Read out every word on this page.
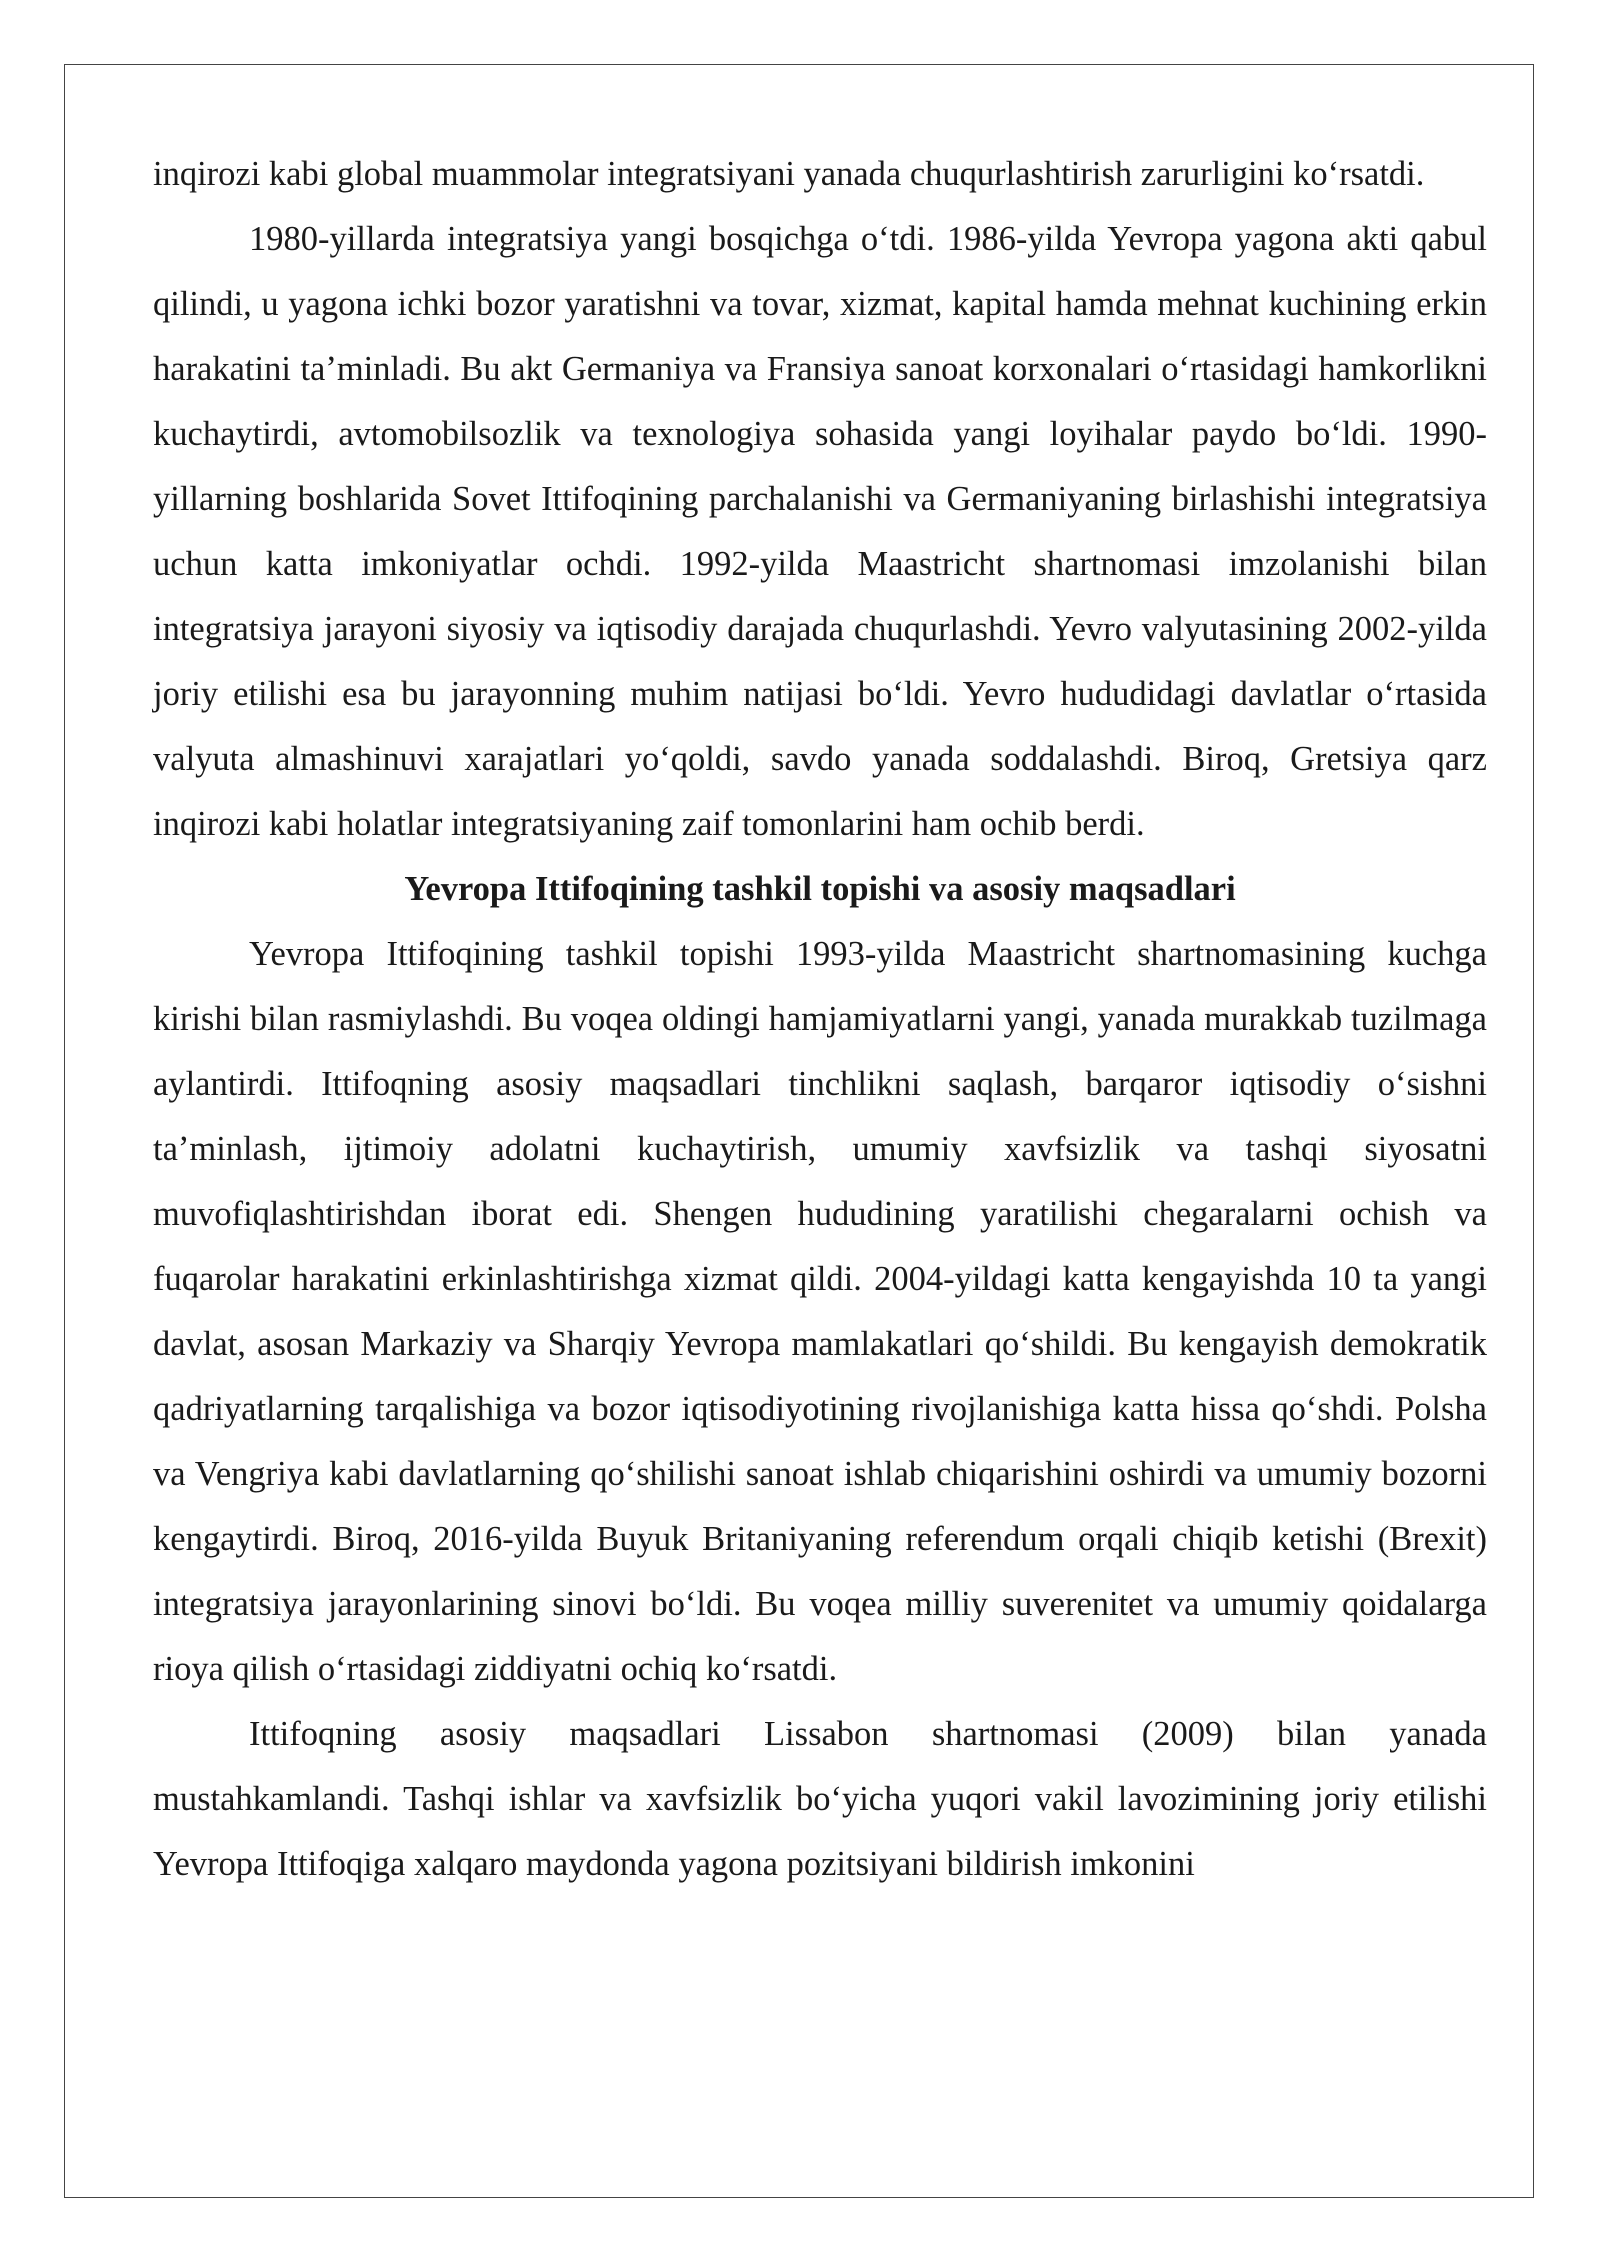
inqirozi kabi global muammolar integratsiyani yanada chuqurlashtirish zarurligini koʻrsatdi.

1980-yillarda integratsiya yangi bosqichga oʻtdi. 1986-yilda Yevropa yagona akti qabul qilindi, u yagona ichki bozor yaratishni va tovar, xizmat, kapital hamda mehnat kuchining erkin harakatini taʼminladi. Bu akt Germaniya va Fransiya sanoat korxonalari oʻrtasidagi hamkorlikni kuchaytirdi, avtomobilsozlik va texnologiya sohasida yangi loyihalar paydo boʻldi. 1990-yillarning boshlarida Sovet Ittifoqining parchalanishi va Germaniyaning birlashishi integratsiya uchun katta imkoniyatlar ochdi. 1992-yilda Maastricht shartnomasi imzolanishi bilan integratsiya jarayoni siyosiy va iqtisodiy darajada chuqurlashdi. Yevro valyutasining 2002-yilda joriy etilishi esa bu jarayonning muhim natijasi boʻldi. Yevro hududidagi davlatlar oʻrtasida valyuta almashinuvi xarajatlari yoʻqoldi, savdo yanada soddalashdi. Biroq, Gretsiya qarz inqirozi kabi holatlar integratsiyaning zaif tomonlarini ham ochib berdi.

Yevropa Ittifoqining tashkil topishi va asosiy maqsadlari

Yevropa Ittifoqining tashkil topishi 1993-yilda Maastricht shartnomasining kuchga kirishi bilan rasmiylashdi. Bu voqea oldingi hamjamiyatlarni yangi, yanada murakkab tuzilmaga aylantirdi. Ittifoqning asosiy maqsadlari tinchlikni saqlash, barqaror iqtisodiy oʻsishni taʼminlash, ijtimoiy adolatni kuchaytirish, umumiy xavfsizlik va tashqi siyosatni muvofiqlashtirishdan iborat edi. Shengen hududining yaratilishi chegaralarni ochish va fuqarolar harakatini erkinlashtirishga xizmat qildi. 2004-yildagi katta kengayishda 10 ta yangi davlat, asosan Markaziy va Sharqiy Yevropa mamlakatlari qoʻshildi. Bu kengayish demokratik qadriyatlarning tarqalishiga va bozor iqtisodiyotining rivojlanishiga katta hissa qoʻshdi. Polsha va Vengriya kabi davlatlarning qoʻshilishi sanoat ishlab chiqarishini oshirdi va umumiy bozorni kengaytirdi. Biroq, 2016-yilda Buyuk Britaniyaning referendum orqali chiqib ketishi (Brexit) integratsiya jarayonlarining sinovi boʻldi. Bu voqea milliy suverenitet va umumiy qoidalarga rioya qilish oʻrtasidagi ziddiyatni ochiq koʻrsatdi.

Ittifoqning asosiy maqsadlari Lissabon shartnomasi (2009) bilan yanada mustahkamlandi. Tashqi ishlar va xavfsizlik boʻyicha yuqori vakil lavozimining joriy etilishi Yevropa Ittifoqiga xalqaro maydonda yagona pozitsiyani bildirish imkonini
